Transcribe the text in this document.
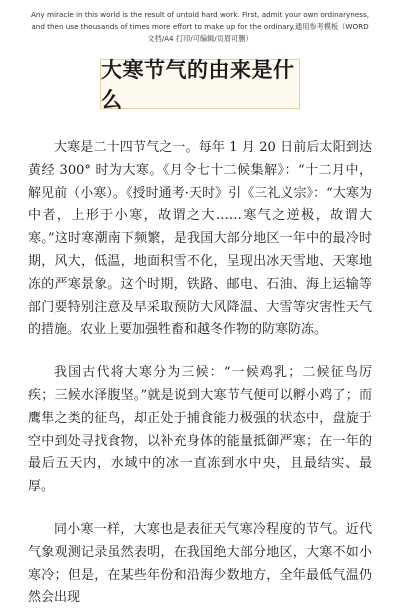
Any miracle in this world is the result of untold hard work. First, admit your own ordinaryness, and then use thousands of times more effort to make up for the ordinary.通用参考模板（WORD 文档/A4 打印/可编辑/页眉可删）
大寒节气的由来是什么

大寒是二十四节气之一。每年 1 月 20 日前后太阳到达黄经 300° 时为大寒。《月令七十二候集解》：“十二月中，解见前（小寒）。《授时通考·天时》引《三礼义宗》：“大寒为中者，上形于小寒，故谓之大……寒气之逆极，故谓大寒。”这时寒潮南下频繁，是我国大部分地区一年中的最冷时期，风大，低温，地面积雪不化，呈现出冰天雪地、天寒地冻的严寒景象。这个时期，铁路、邮电、石油、海上运输等部门要特别注意及早采取预防大风降温、大雪等灾害性天气的措施。农业上要加强牲畜和越冬作物的防寒防冻。

我国古代将大寒分为三候：“一候鸡乳；二候征鸟厉疾；三候水泽腹坚。”就是说到大寒节气便可以孵小鸡了；而鹰隼之类的征鸟，却正处于捕食能力极强的状态中，盘旋于空中到处寻找食物，以补充身体的能量抵御严寒；在一年的最后五天内，水域中的冰一直冻到水中央，且最结实、最厚。

同小寒一样，大寒也是表征天气寒冷程度的节气。近代气象观测记录虽然表明，在我国绝大部分地区，大寒不如小寒冷；但是，在某些年份和沿海少数地方，全年最低气温仍然会出现
